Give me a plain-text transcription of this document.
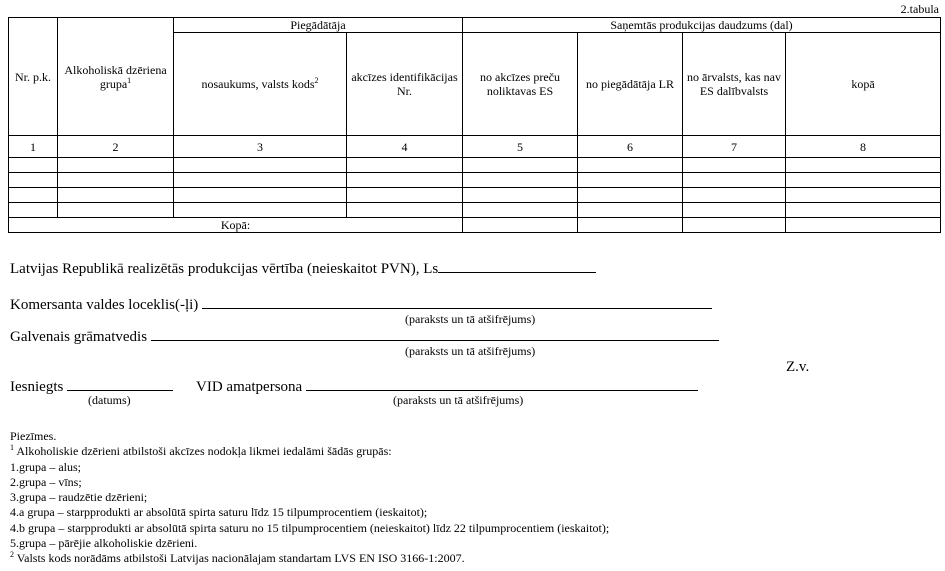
2.tabula
Nr. p.k.	Alkoholiskā dzēriena grupa$^1$	Piegādātāja		Saņemtās produkcijas daudzums (dal)			
		nosaukums, valsts kods$^2$	akcīzes identifikācijas Nr.	no akcīzes preču noliktavas ES	no piegādātāja LR	no ārvalsts, kas nav ES dalībvalsts	kopā
1	2	3	4	5	6	7	8

Kopā:							
Latvijas Republikā realizētās produkcijas vērtība (neieskaitot PVN), Ls
Komersanta valdes loceklis(-ļi)
(paraksts un tā atšifrējums)
Galvenais grāmatvedis
(paraksts un tā atšifrējums)
Z.v.
Iesniegts
(datums)
VID amatpersona
(paraksts un tā atšifrējums)
Piezīmes.
$^1$ Alkoholiskie dzērieni atbilstoši akcīzes nodokļa likmei iedalāmi šādās grupās:
1.grupa – alus;
2.grupa – vīns;
3.grupa – raudzētie dzērieni;
4.a grupa – starpprodukti ar absolūtā spirta saturu līdz 15 tilpumprocentiem (ieskaitot);
4.b grupa – starpprodukti ar absolūtā spirta saturu no 15 tilpumprocentiem (neieskaitot) līdz 22 tilpumprocentiem (ieskaitot);
5.grupa – pārējie alkoholiskie dzērieni.
$^2$ Valsts kods norādāms atbilstoši Latvijas nacionālajam standartam LVS EN ISO 3166-1:2007.
